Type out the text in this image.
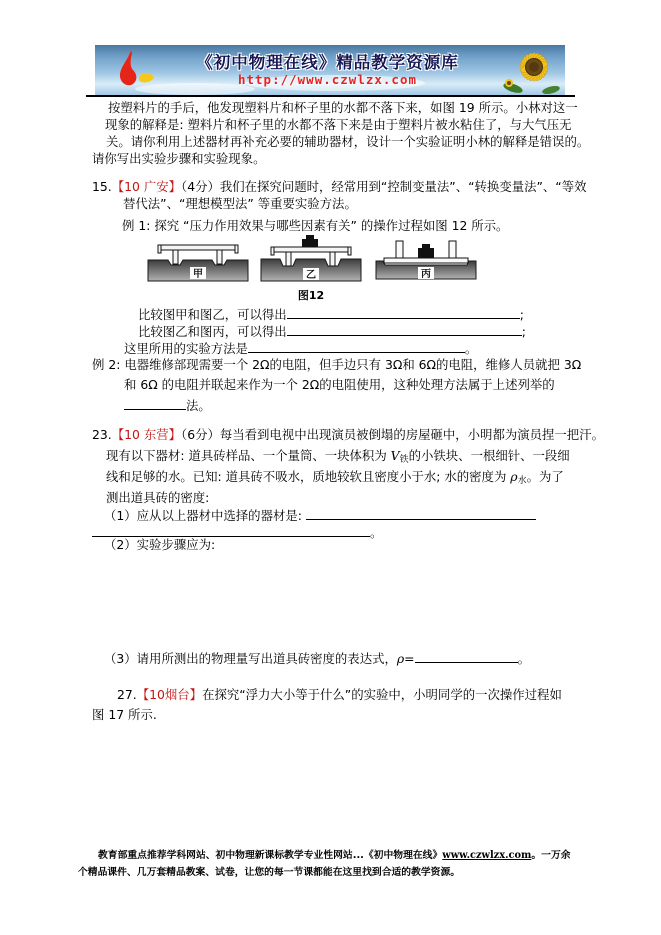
《初中物理在线》精品教学资源库
http://www.czwlzx.com
按塑料片的手后，他发现塑料片和杯子里的水都不落下来，如图 19 所示。小林对这一
现象的解释是: 塑料片和杯子里的水都不落下来是由于塑料片被水粘住了，与大气压无
关。请你利用上述器材再补充必要的辅助器材，设计一个实验证明小林的解释是错误的。
请你写出实验步骤和实验现象。
15.【10 广安】（4分）我们在探究问题时，经常用到“控制变量法”、“转换变量法”、“等效
替代法”、“理想模型法” 等重要实验方法。
例 1: 探究 “压力作用效果与哪些因素有关” 的操作过程如图 12 所示。
甲	乙	丙
图12
比较图甲和图乙，可以得出	;
比较图乙和图丙，可以得出	;
这里所用的实验方法是	。
例 2: 电器维修部现需要一个 2Ω的电阻，但手边只有 3Ω和 6Ω的电阻，维修人员就把 3Ω
和 6Ω 的电阻并联起来作为一个 2Ω的电阻使用，这种处理方法属于上述列举的
法。
23.【10 东营】（6分）每当看到电视中出现演员被倒塌的房屋砸中，小明都为演员捏一把汗。
现有以下器材: 道具砖样品、一个量筒、一块体积为 $V_铁$的小铁块、一根细针、一段细
线和足够的水。已知: 道具砖不吸水，质地较软且密度小于水; 水的密度为 $\rho_水$。为了
测出道具砖的密度:
（1）应从以上器材中选择的器材是:
。
（2）实验步骤应为:
（3）请用所测出的物理量写出道具砖密度的表达式，ρ=	。
27.【10烟台】在探究“浮力大小等于什么”的实验中，小明同学的一次操作过程如
图 17 所示.
教育部重点推荐学科网站、初中物理新课标教学专业性网站...《初中物理在线》www.czwlzx.com。一万余
个精品课件、几万套精品教案、试卷，让您的每一节课都能在这里找到合适的教学资源。
